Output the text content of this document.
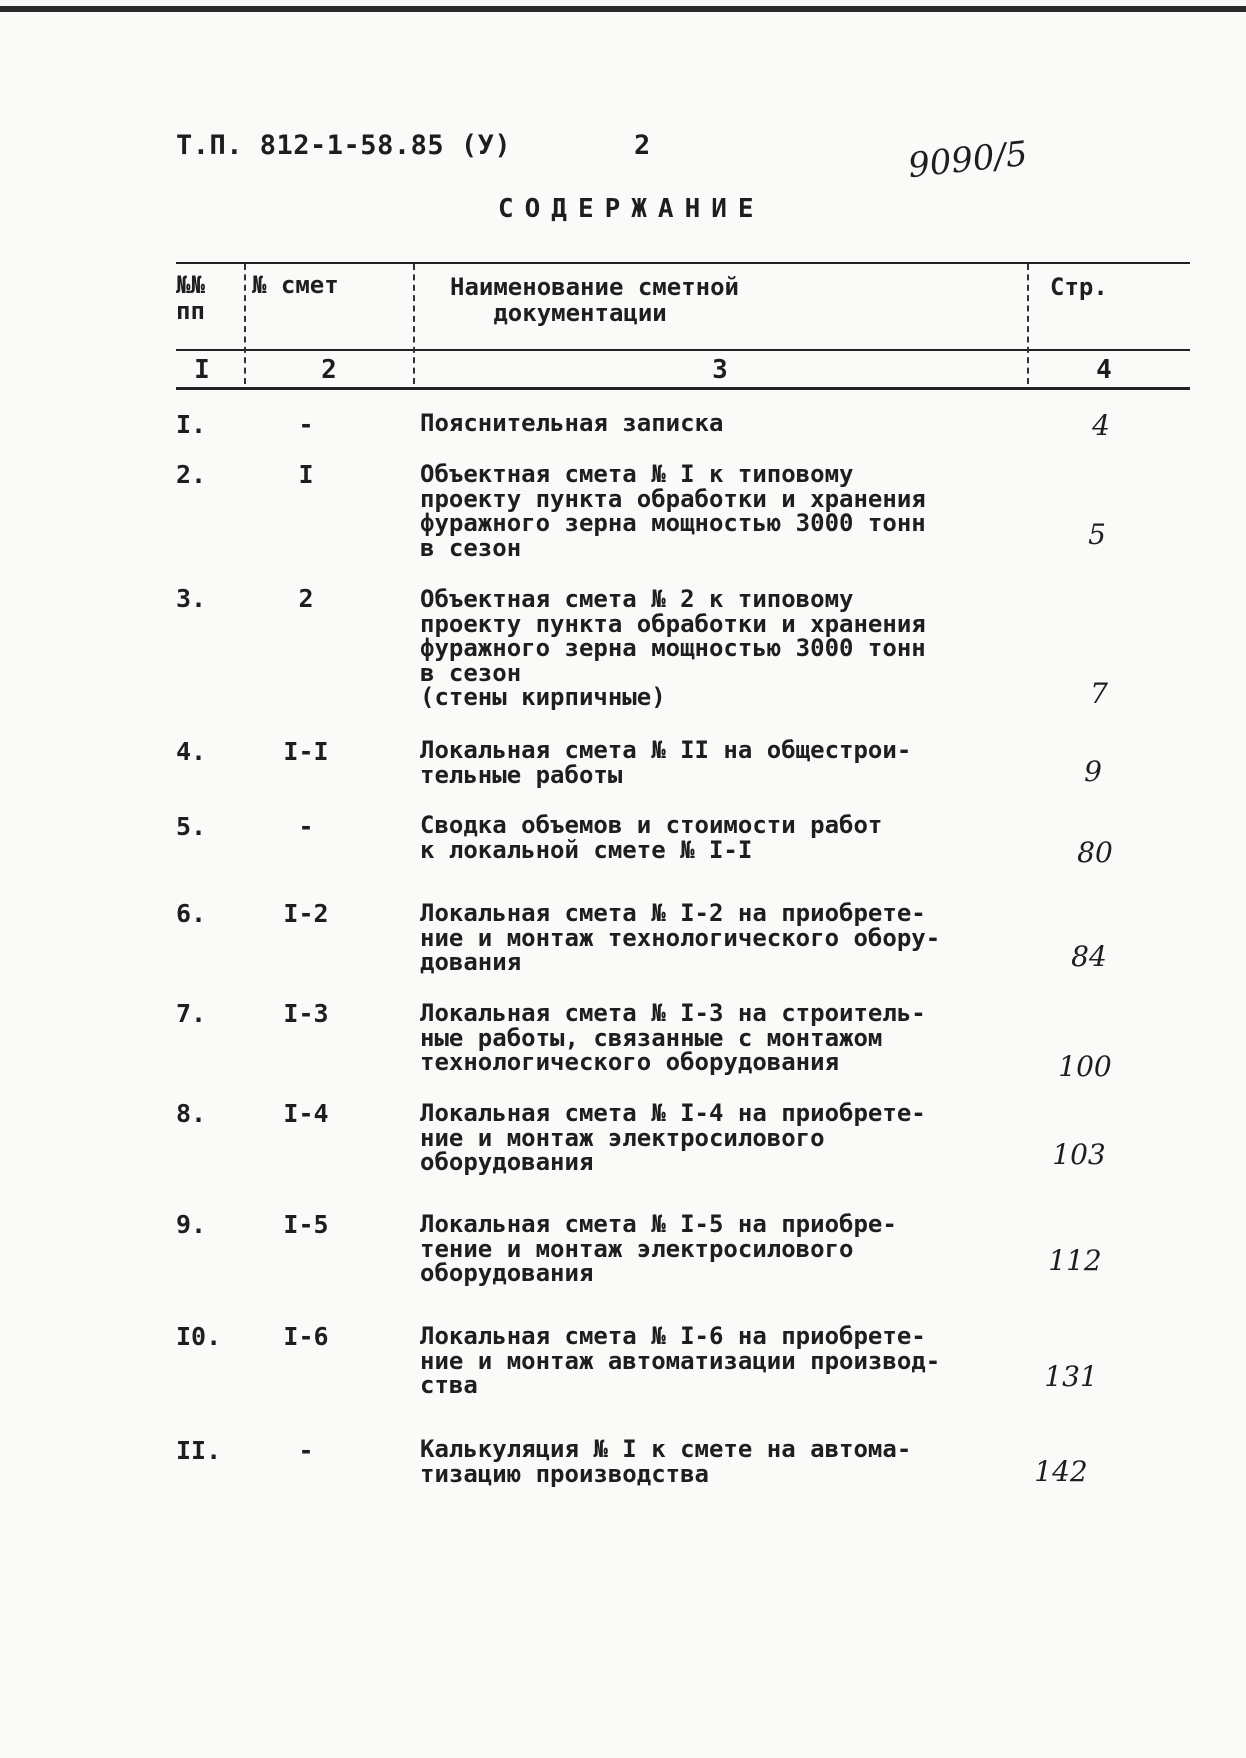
Т.П. 812-1-58.85 (У)	2	9090/5
СОДЕРЖАНИЕ
№№
пп
№ смет	Наименование сметной
документации
Стр.
I	2	3	4
I.	-	Пояснительная записка	4
2.	I	Объектная смета № I к типовому
проекту пункта обработки и хранения
фуражного зерна мощностью 3000 тонн
в сезон	5
3.	2	Объектная смета № 2 к типовому
проекту пункта обработки и хранения
фуражного зерна мощностью 3000 тонн
в сезон
(стены кирпичные)	7
4.	I-I	Локальная смета № II на общестрои-
тельные работы	9
5.	-	Сводка объемов и стоимости работ
к локальной смете № I-I	80
6.	I-2	Локальная смета № I-2 на приобрете-
ние и монтаж технологического обору-
дования	84
7.	I-3	Локальная смета № I-3 на строитель-
ные работы, связанные с монтажом
технологического оборудования	100
8.	I-4	Локальная смета № I-4 на приобрете-
ние и монтаж электросилового
оборудования	103
9.	I-5	Локальная смета № I-5 на приобре-
тение и монтаж электросилового
оборудования	112
I0.	I-6	Локальная смета № I-6 на приобрете-
ние и монтаж автоматизации производ-
ства	131
II.	-	Калькуляция № I к смете на автома-
тизацию производства	142
